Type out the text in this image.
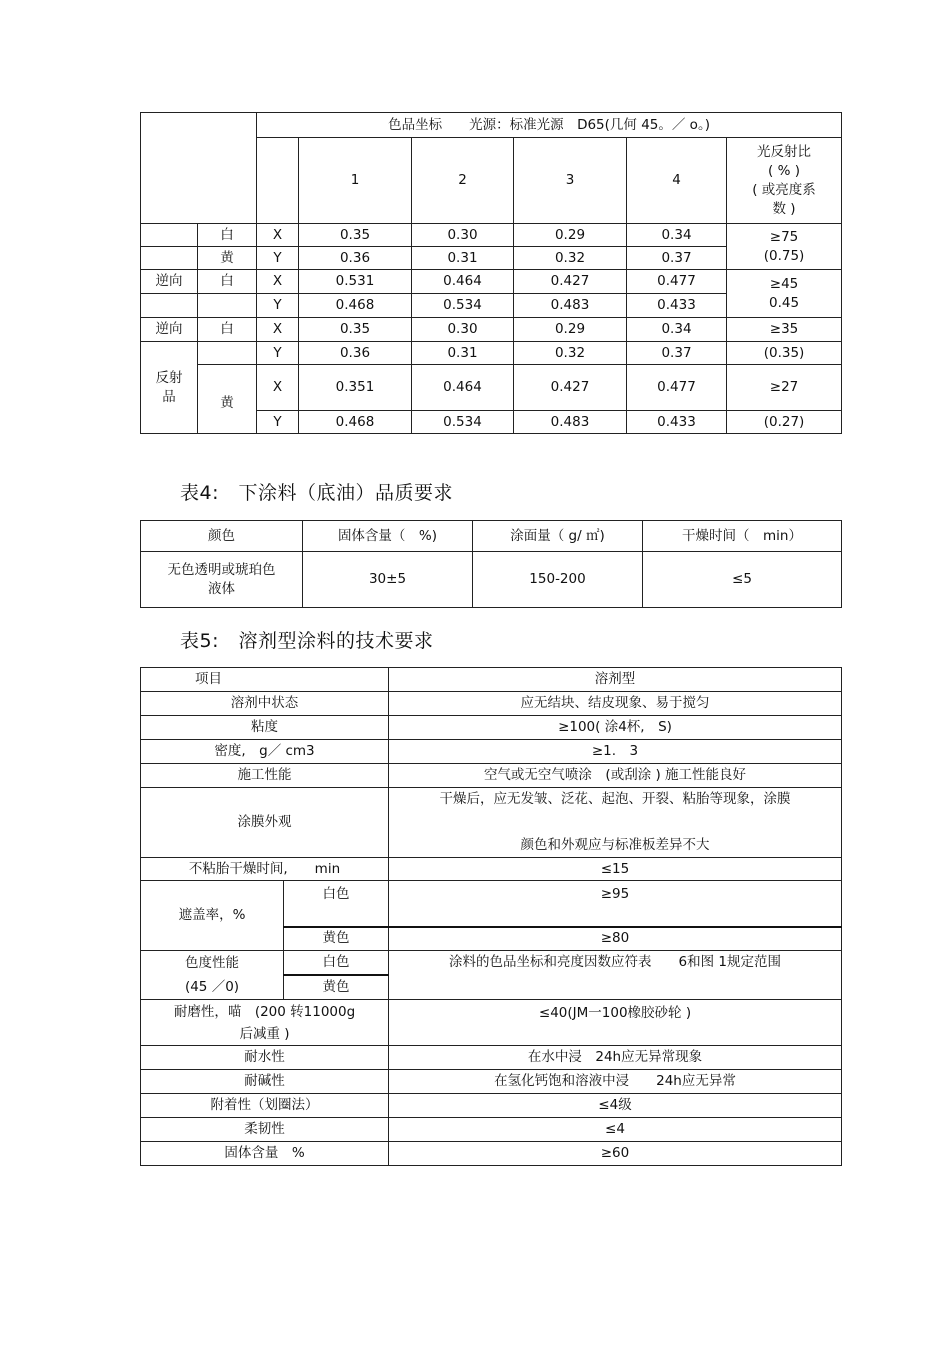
		色品坐标　　光源：标准光源　D65(几何 45。／ o。)					
			1	2	3	4	光反射比
( % )
( 或亮度系
数 )
	白	X	0.35	0.30	0.29	0.34	≥75
(0.75)
	黄	Y	0.36	0.31	0.32	0.37	
逆向	白	X	0.531	0.464	0.427	0.477	≥45
0.45
		Y	0.468	0.534	0.483	0.433	
逆向	白	X	0.35	0.30	0.29	0.34	≥35
反射
品		Y	0.36	0.31	0.32	0.37	(0.35)
	黄	X	0.351	0.464	0.427	0.477	≥27
		Y	0.468	0.534	0.483	0.433	(0.27)
表4:　下涂料（底油）品质要求
颜色	固体含量（　%)	涂面量（ g/ ㎡)	干燥时间（　min）
无色透明或琥珀色
液体	30±5	150-200	≤5
表5:　溶剂型涂料的技术要求
项目		溶剂型
溶剂中状态		应无结块、结皮现象、易于搅匀
粘度		≥100( 涂4杯,　S)
密度,　g／ cm3		≥1.　3
施工性能		空气或无空气喷涂　(或刮涂 ) 施工性能良好
涂膜外观		干燥后，应无发皱、泛花、起泡、开裂、粘胎等现象，涂膜

颜色和外观应与标准板差异不大
不粘胎干燥时间,　　min		≤15
遮盖率，%	白色	≥95
	黄色	≥80
色度性能
(45 ／0)	白色	涂料的色品坐标和亮度因数应符表　　6和图 1规定范围
	黄色	
耐磨性，喵　(200 转11000g
后减重 )		≤40(JM一100橡胶砂轮 )
耐水性		在水中浸　24h应无异常现象
耐碱性		在氢化钙饱和溶液中浸　　24h应无异常
附着性（划圈法）		≤4级
柔韧性		≤4
固体含量　%		≥60
